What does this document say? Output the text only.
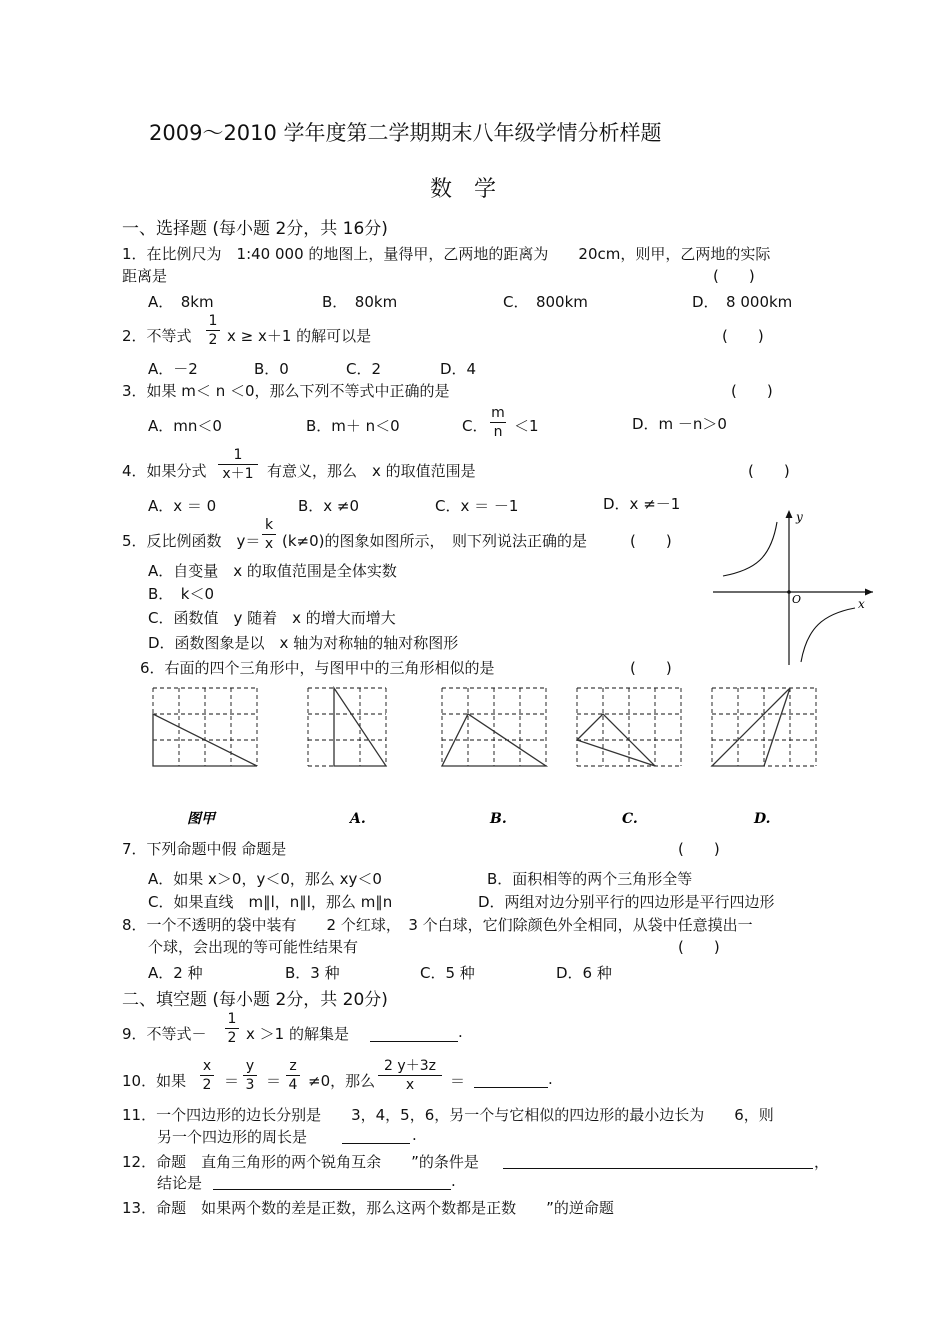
2009～2010 学年度第二学期期末八年级学情分析样题
数　学
一、选择题 (每小题 2分，共 16分)
1．在比例尺为　1:40 000 的地图上，量得甲，乙两地的距离为　　20cm，则甲，乙两地的实际
距离是	(　　)
A．　8km	B．　80km	C．　800km	D．　8 000km
2．不等式
1
2 x ≥ x＋1 的解可以是	(　　)
A．－2	B．0	C．2	D．4
3．如果 m＜ n ＜0，那么下列不等式中正确的是	(　　)
A．mn＜0	B．m＋ n＜0	C．
m
n ＜1	D．m －n＞0
4．如果分式
1
x＋1 有意义，那么　x 的取值范围是	(　　)
A．x ＝ 0	B．x ≠0	C．x ＝ －1	D．x ≠－1
5．反比例函数　y＝
k
x (k≠0)的图象如图所示，　则下列说法正确的是	(　　)
A．自变量　x 的取值范围是全体实数
B．　k＜0
C．函数值　y 随着　x 的增大而增大
D．函数图象是以　x 轴为对称轴的轴对称图形
y
x
O
6．右面的四个三角形中，与图甲中的三角形相似的是	(　　)
图甲	A.	B.	C.	D.
7．下列命题中假 命题是	(　　)
A．如果 x＞0，y＜0，那么 xy＜0	B．面积相等的两个三角形全等
C．如果直线　m∥l，n∥l，那么 m∥n	D．两组对边分别平行的四边形是平行四边形
8．一个不透明的袋中装有　　2 个红球，　3 个白球，它们除颜色外全相同，从袋中任意摸出一
个球，会出现的等可能性结果有	(　　)
A．2 种	B．3 种	C．5 种	D．6 种
二、填空题 (每小题 2分，共 20分)
9．不等式－
1
2 x ＞1 的解集是	.
10．如果
x
2 ＝
y
3 ＝
z
4 ≠0，那么
2 y＋3z
x	＝	.
11．一个四边形的边长分别是　　3，4，5，6，另一个与它相似的四边形的最小边长为　　6，则
另一个四边形的周长是	.
12．命题　直角三角形的两个锐角互余　　”的条件是	，
结论是	.
13．命题　如果两个数的差是正数，那么这两个数都是正数　　”的逆命题
